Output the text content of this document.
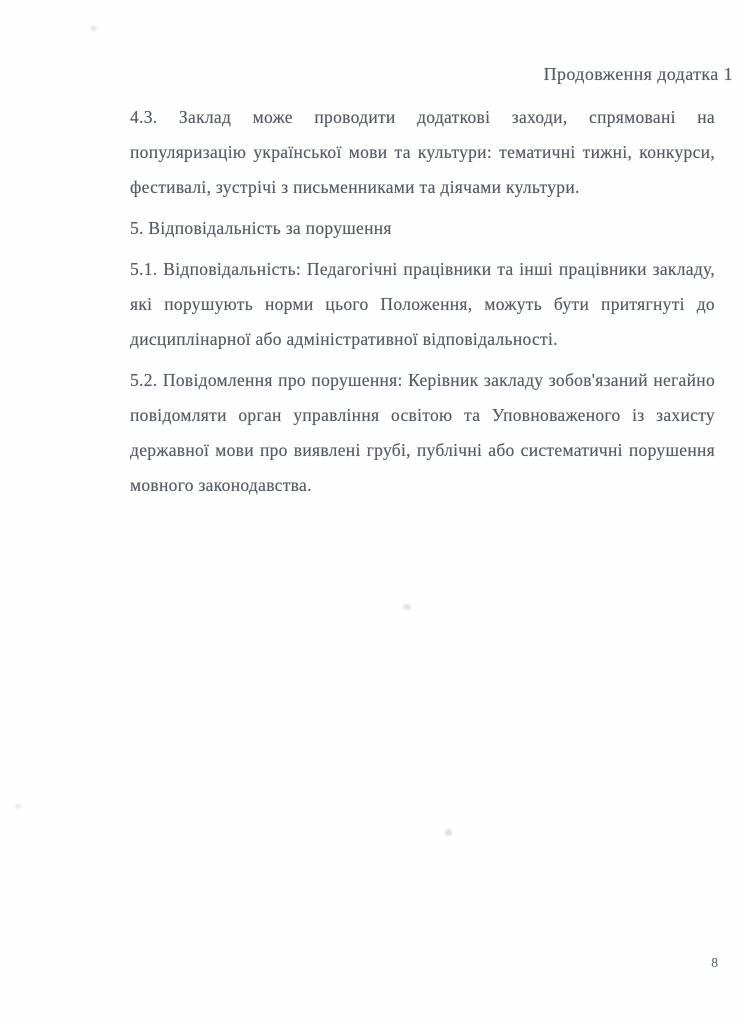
Продовження додатка 1

4.3. Заклад може проводити додаткові заходи, спрямовані на популяризацію української мови та культури: тематичні тижні, конкурси, фестивалі, зустрічі з письменниками та діячами культури.

5. Відповідальність за порушення

5.1. Відповідальність: Педагогічні працівники та інші працівники закладу, які порушують норми цього Положення, можуть бути притягнуті до дисциплінарної або адміністративної відповідальності.

5.2. Повідомлення про порушення: Керівник закладу зобов'язаний негайно повідомляти орган управління освітою та Уповноваженого із захисту державної мови про виявлені грубі, публічні або систематичні порушення мовного законодавства.

8
